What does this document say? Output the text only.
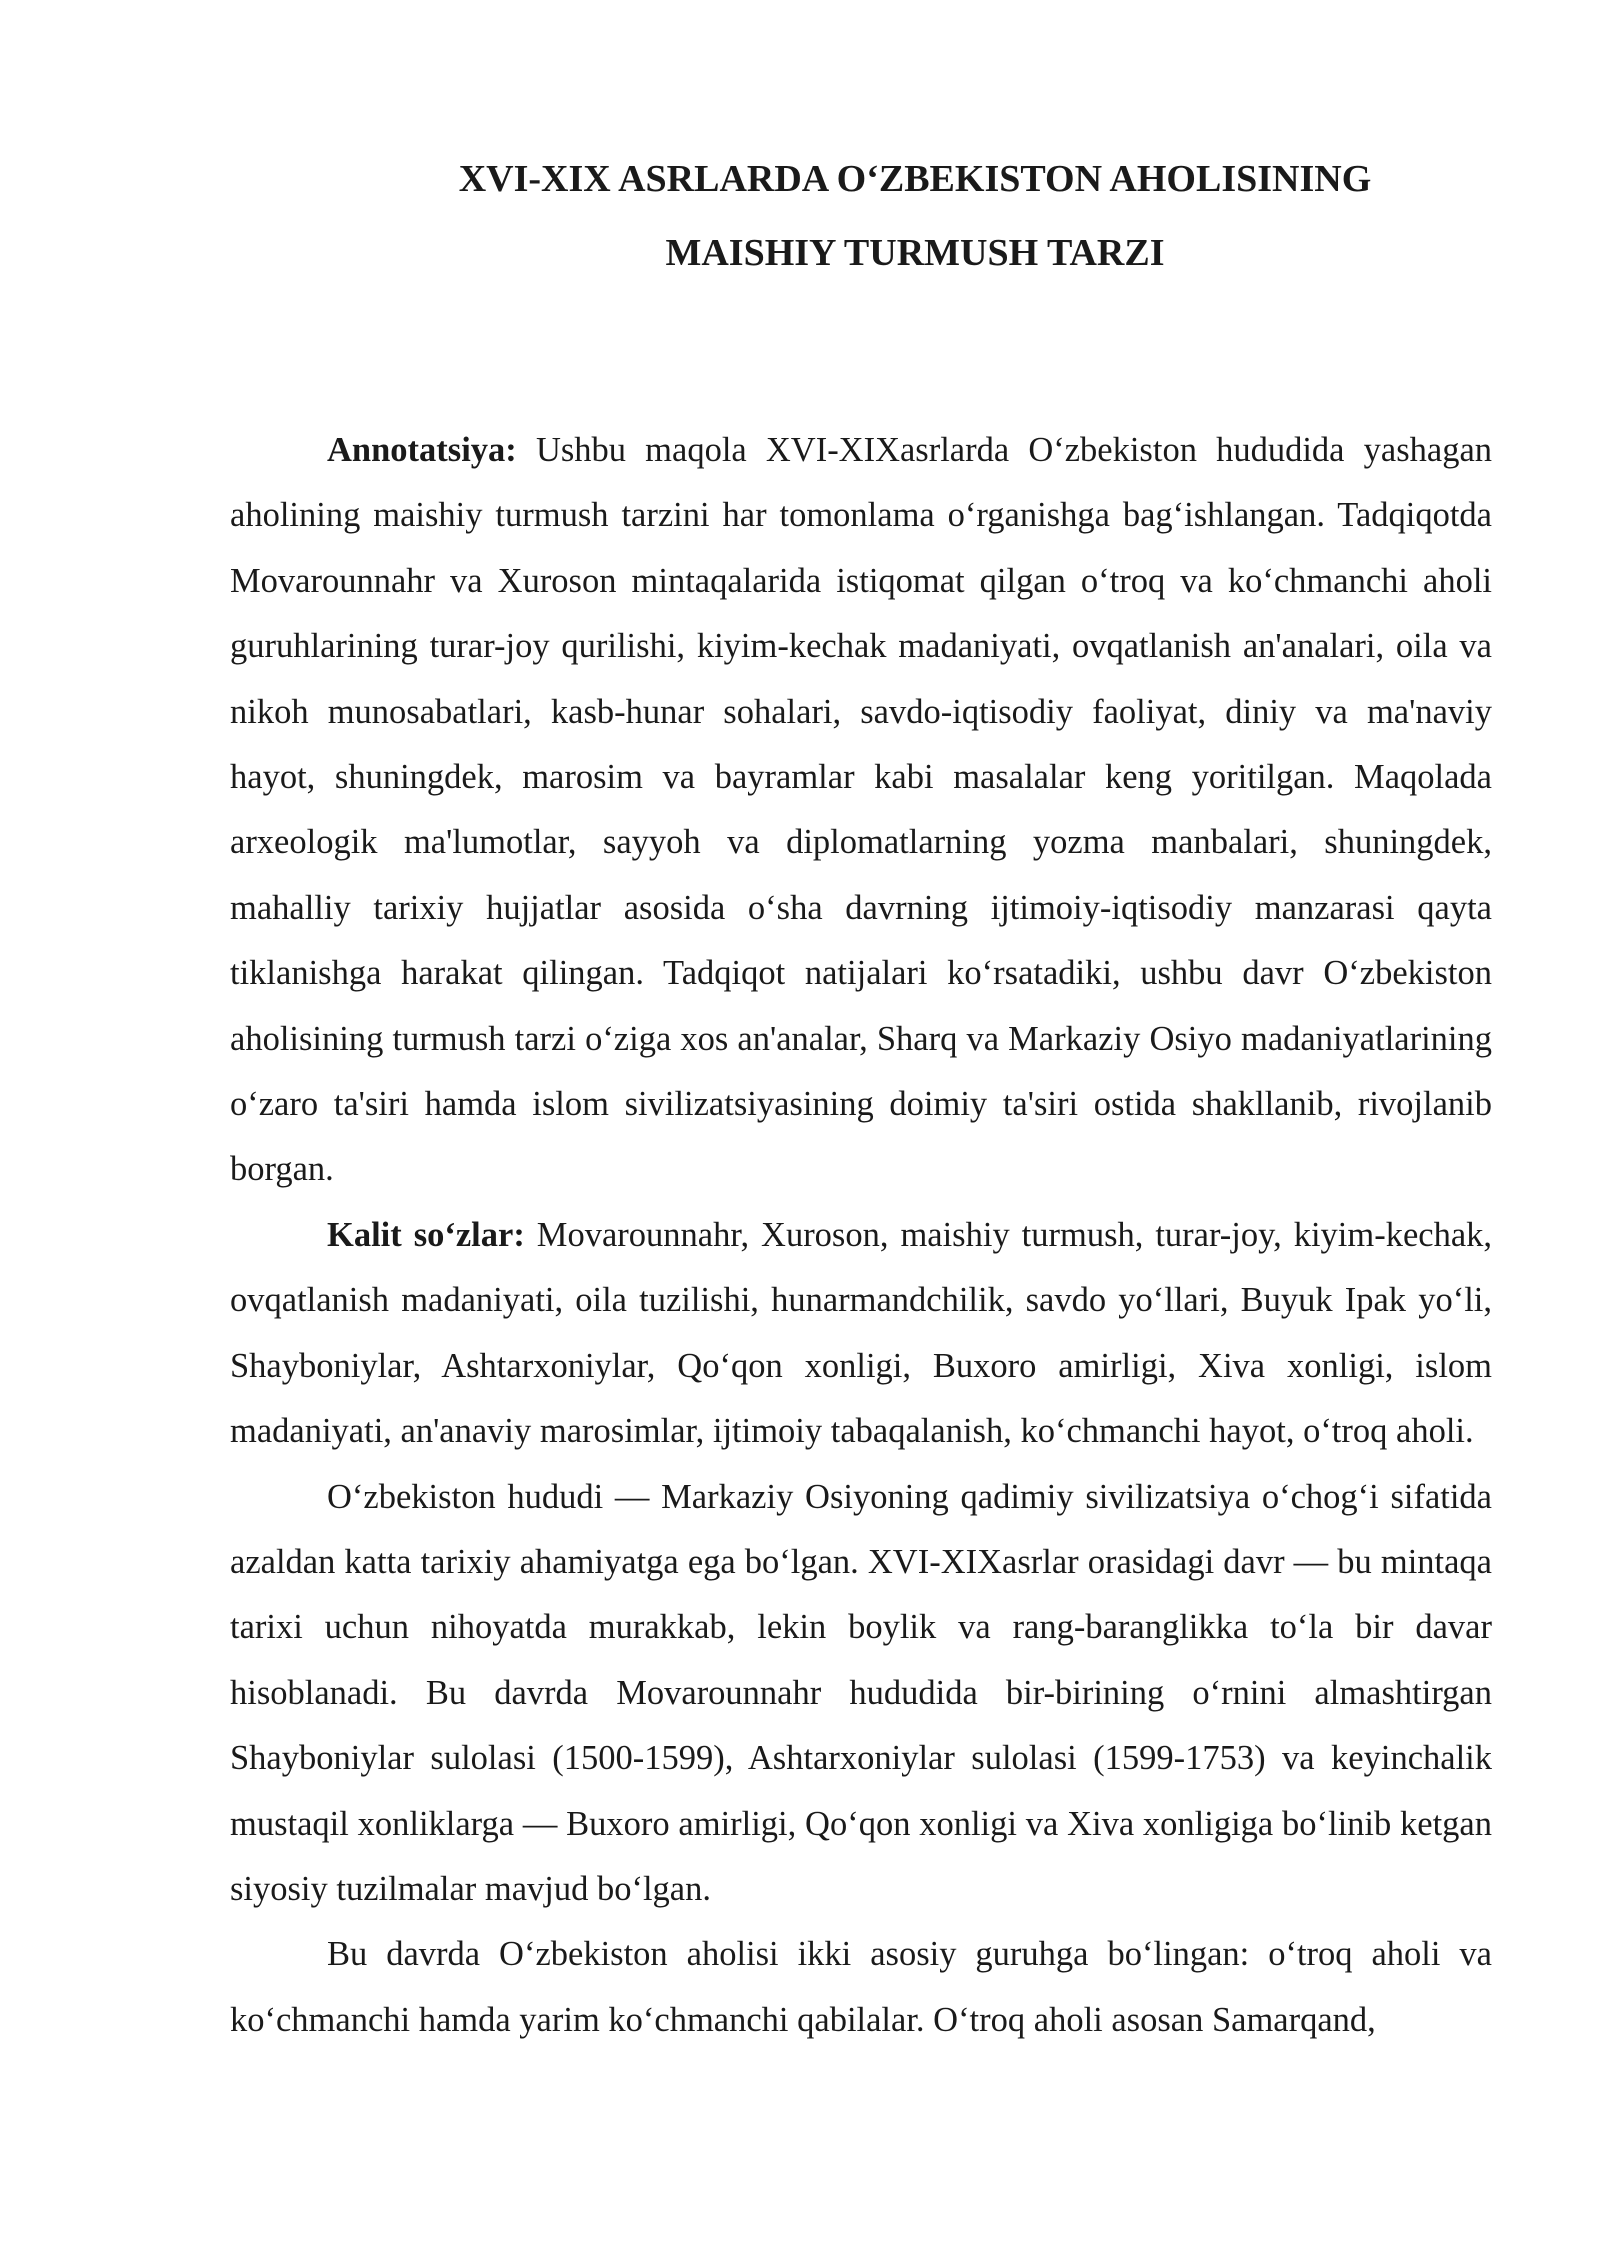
XVI-XIX ASRLARDA O‘ZBEKISTON AHOLISINING
MAISHIY TURMUSH TARZI

Annotatsiya: Ushbu maqola XVI-XIXasrlarda O‘zbekiston hududida yashagan aholining maishiy turmush tarzini har tomonlama o‘rganishga bag‘ishlangan. Tadqiqotda Movarounnahr va Xuroson mintaqalarida istiqomat qilgan o‘troq va ko‘chmanchi aholi guruhlarining turar-joy qurilishi, kiyim-kechak madaniyati, ovqatlanish an'analari, oila va nikoh munosabatlari, kasb-hunar sohalari, savdo-iqtisodiy faoliyat, diniy va ma'naviy hayot, shuningdek, marosim va bayramlar kabi masalalar keng yoritilgan. Maqolada arxeologik ma'lumotlar, sayyoh va diplomatlarning yozma manbalari, shuningdek, mahalliy tarixiy hujjatlar asosida o‘sha davrning ijtimoiy-iqtisodiy manzarasi qayta tiklanishga harakat qilingan. Tadqiqot natijalari ko‘rsatadiki, ushbu davr O‘zbekiston aholisining turmush tarzi o‘ziga xos an'analar, Sharq va Markaziy Osiyo madaniyatlarining o‘zaro ta'siri hamda islom sivilizatsiyasining doimiy ta'siri ostida shakllanib, rivojlanib borgan.

Kalit so‘zlar: Movarounnahr, Xuroson, maishiy turmush, turar-joy, kiyim-kechak, ovqatlanish madaniyati, oila tuzilishi, hunarmandchilik, savdo yo‘llari, Buyuk Ipak yo‘li, Shayboniylar, Ashtarxoniylar, Qo‘qon xonligi, Buxoro amirligi, Xiva xonligi, islom madaniyati, an'anaviy marosimlar, ijtimoiy tabaqalanish, ko‘chmanchi hayot, o‘troq aholi.

O‘zbekiston hududi — Markaziy Osiyoning qadimiy sivilizatsiya o‘chog‘i sifatida azaldan katta tarixiy ahamiyatga ega bo‘lgan. XVI-XIXasrlar orasidagi davr — bu mintaqa tarixi uchun nihoyatda murakkab, lekin boylik va rang-baranglikka to‘la bir davar hisoblanadi. Bu davrda Movarounnahr hududida bir-birining o‘rnini almashtirgan Shayboniylar sulolasi (1500-1599), Ashtarxoniylar sulolasi (1599-1753) va keyinchalik mustaqil xonliklarga — Buxoro amirligi, Qo‘qon xonligi va Xiva xonligiga bo‘linib ketgan siyosiy tuzilmalar mavjud bo‘lgan.

Bu davrda O‘zbekiston aholisi ikki asosiy guruhga bo‘lingan: o‘troq aholi va ko‘chmanchi hamda yarim ko‘chmanchi qabilalar. O‘troq aholi asosan Samarqand,
